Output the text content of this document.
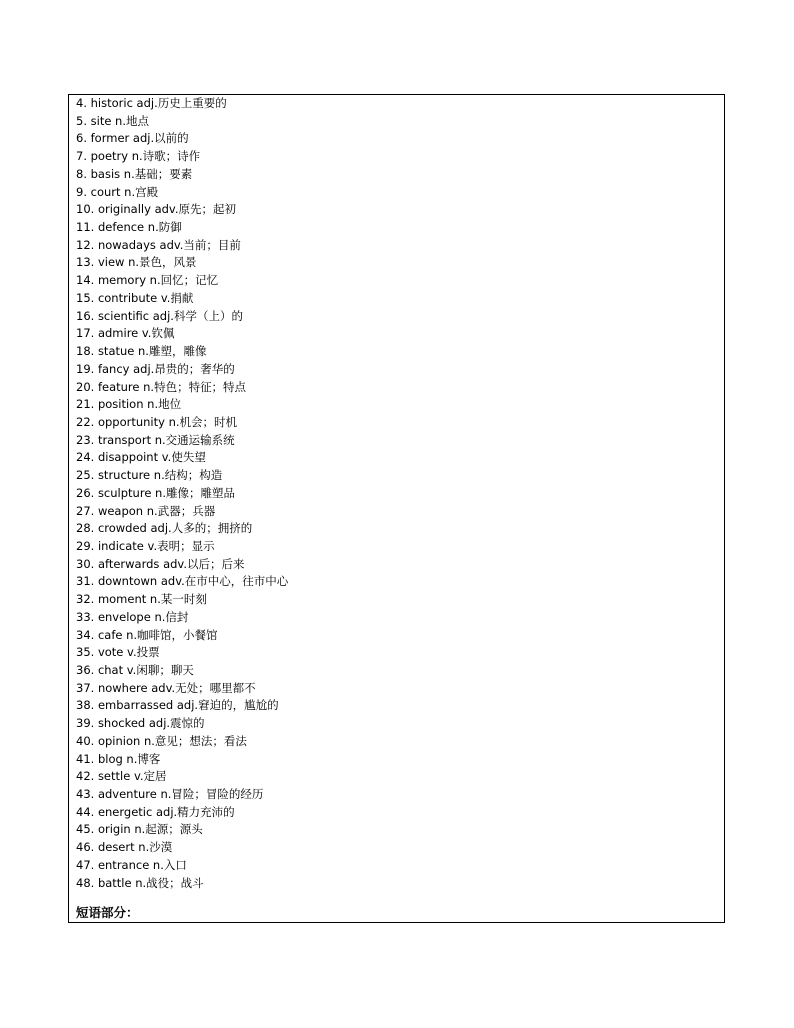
4. historic adj.历史上重要的
5. site n.地点
6. former adj.以前的
7. poetry n.诗歌；诗作
8. basis n.基础；要素
9. court n.宫殿
10. originally adv.原先；起初
11. defence n.防御
12. nowadays adv.当前；目前
13. view n.景色，风景
14. memory n.回忆；记忆
15. contribute v.捐献
16. scientific adj.科学（上）的
17. admire v.钦佩
18. statue n.雕塑，雕像
19. fancy adj.昂贵的；奢华的
20. feature n.特色；特征；特点
21. position n.地位
22. opportunity n.机会；时机
23. transport n.交通运输系统
24. disappoint v.使失望
25. structure n.结构；构造
26. sculpture n.雕像；雕塑品
27. weapon n.武器；兵器
28. crowded adj.人多的；拥挤的
29. indicate v.表明；显示
30. afterwards adv.以后；后来
31. downtown adv.在市中心，往市中心
32. moment n.某一时刻
33. envelope n.信封
34. cafe n.咖啡馆，小餐馆
35. vote v.投票
36. chat v.闲聊；聊天
37. nowhere adv.无处；哪里都不
38. embarrassed adj.窘迫的，尴尬的
39. shocked adj.震惊的
40. opinion n.意见；想法；看法
41. blog n.博客
42. settle v.定居
43. adventure n.冒险；冒险的经历
44. energetic adj.精力充沛的
45. origin n.起源；源头
46. desert n.沙漠
47. entrance n.入口
48. battle n.战役；战斗
短语部分：
